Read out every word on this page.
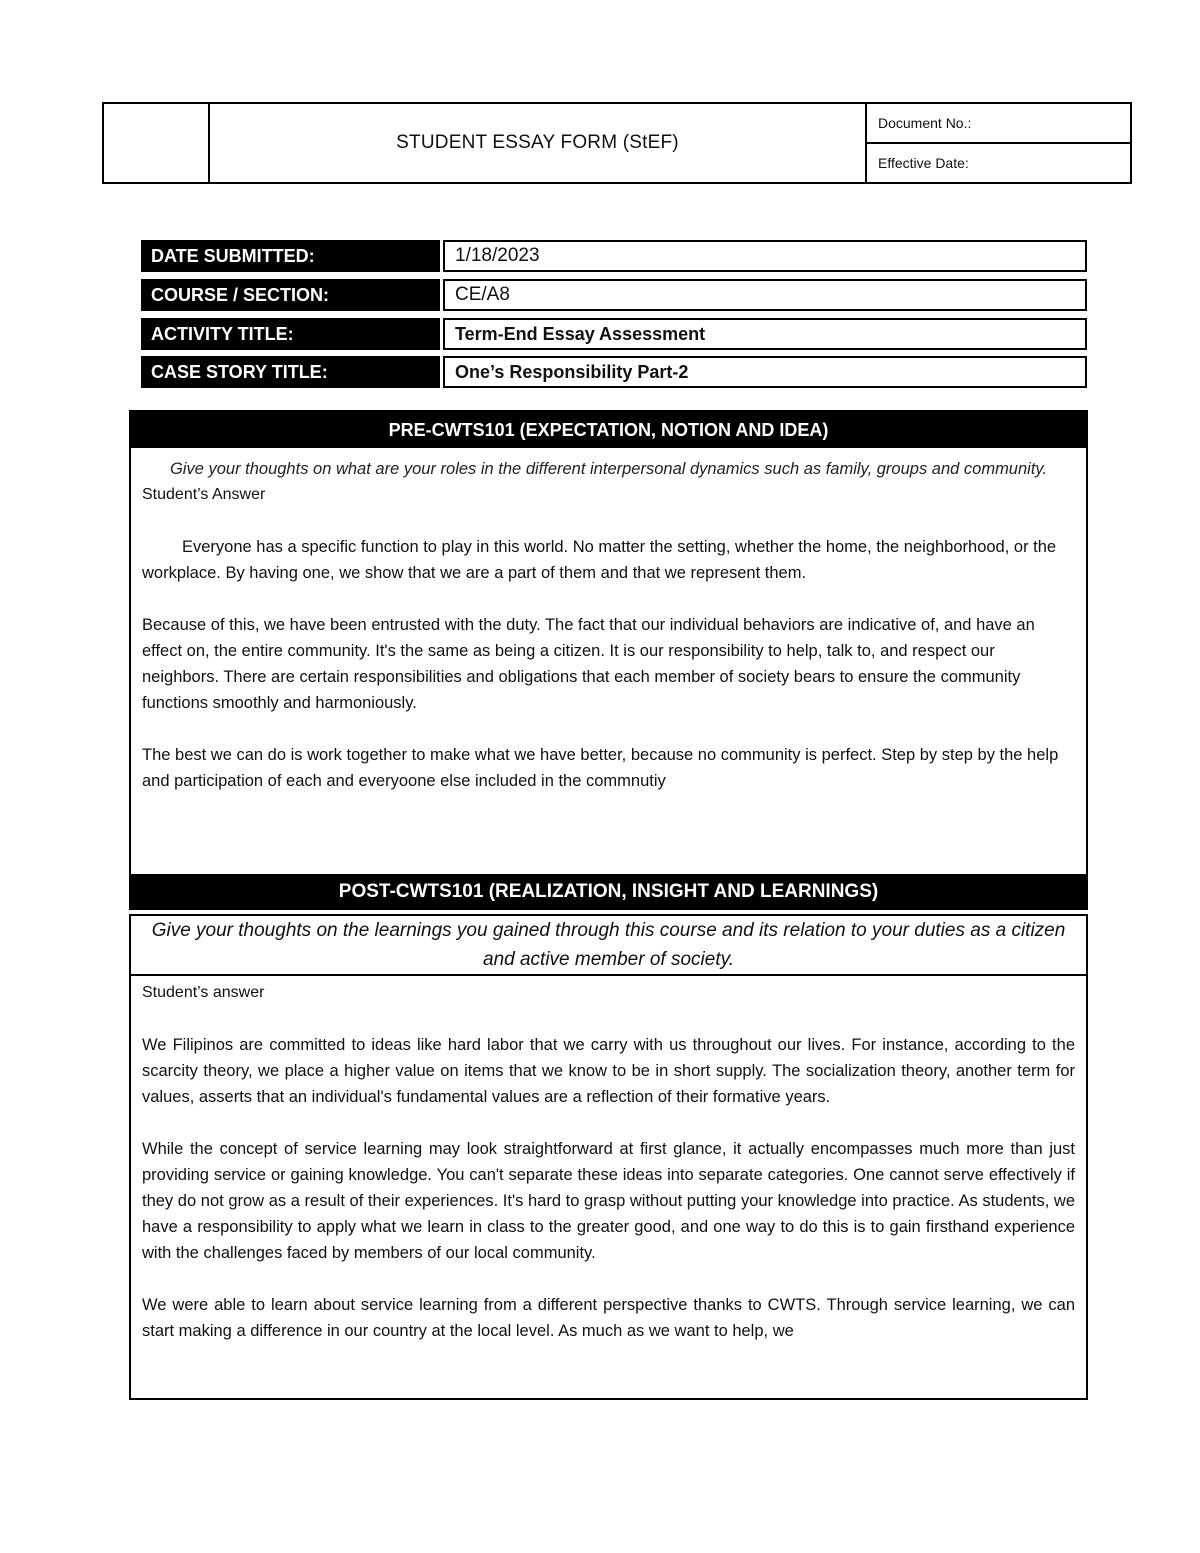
STUDENT ESSAY FORM (StEF)
Document No.:
Effective Date:
DATE SUBMITTED:	1/18/2023
COURSE / SECTION:	CE/A8
ACTIVITY TITLE:	Term-End Essay Assessment
CASE STORY TITLE:	One’s Responsibility Part-2
PRE-CWTS101 (EXPECTATION, NOTION AND IDEA)
Give your thoughts on what are your roles in the different interpersonal dynamics such as family, groups and community.
Student’s Answer

Everyone has a specific function to play in this world. No matter the setting, whether the home, the neighborhood, or the workplace. By having one, we show that we are a part of them and that we represent them.

Because of this, we have been entrusted with the duty. The fact that our individual behaviors are indicative of, and have an effect on, the entire community. It's the same as being a citizen. It is our responsibility to help, talk to, and respect our neighbors. There are certain responsibilities and obligations that each member of society bears to ensure the community functions smoothly and harmoniously.

The best we can do is work together to make what we have better, because no community is perfect. Step by step by the help and participation of each and everyoone else included in the commnutiy

POST-CWTS101 (REALIZATION, INSIGHT AND LEARNINGS)
Give your thoughts on the learnings you gained through this course and its relation to your duties as a citizen and active member of society.
Student’s answer

We Filipinos are committed to ideas like hard labor that we carry with us throughout our lives. For instance, according to the scarcity theory, we place a higher value on items that we know to be in short supply. The socialization theory, another term for values, asserts that an individual's fundamental values are a reflection of their formative years.

While the concept of service learning may look straightforward at first glance, it actually encompasses much more than just providing service or gaining knowledge. You can't separate these ideas into separate categories. One cannot serve effectively if they do not grow as a result of their experiences. It's hard to grasp without putting your knowledge into practice. As students, we have a responsibility to apply what we learn in class to the greater good, and one way to do this is to gain firsthand experience with the challenges faced by members of our local community.

We were able to learn about service learning from a different perspective thanks to CWTS. Through service learning, we can start making a difference in our country at the local level. As much as we want to help, we
